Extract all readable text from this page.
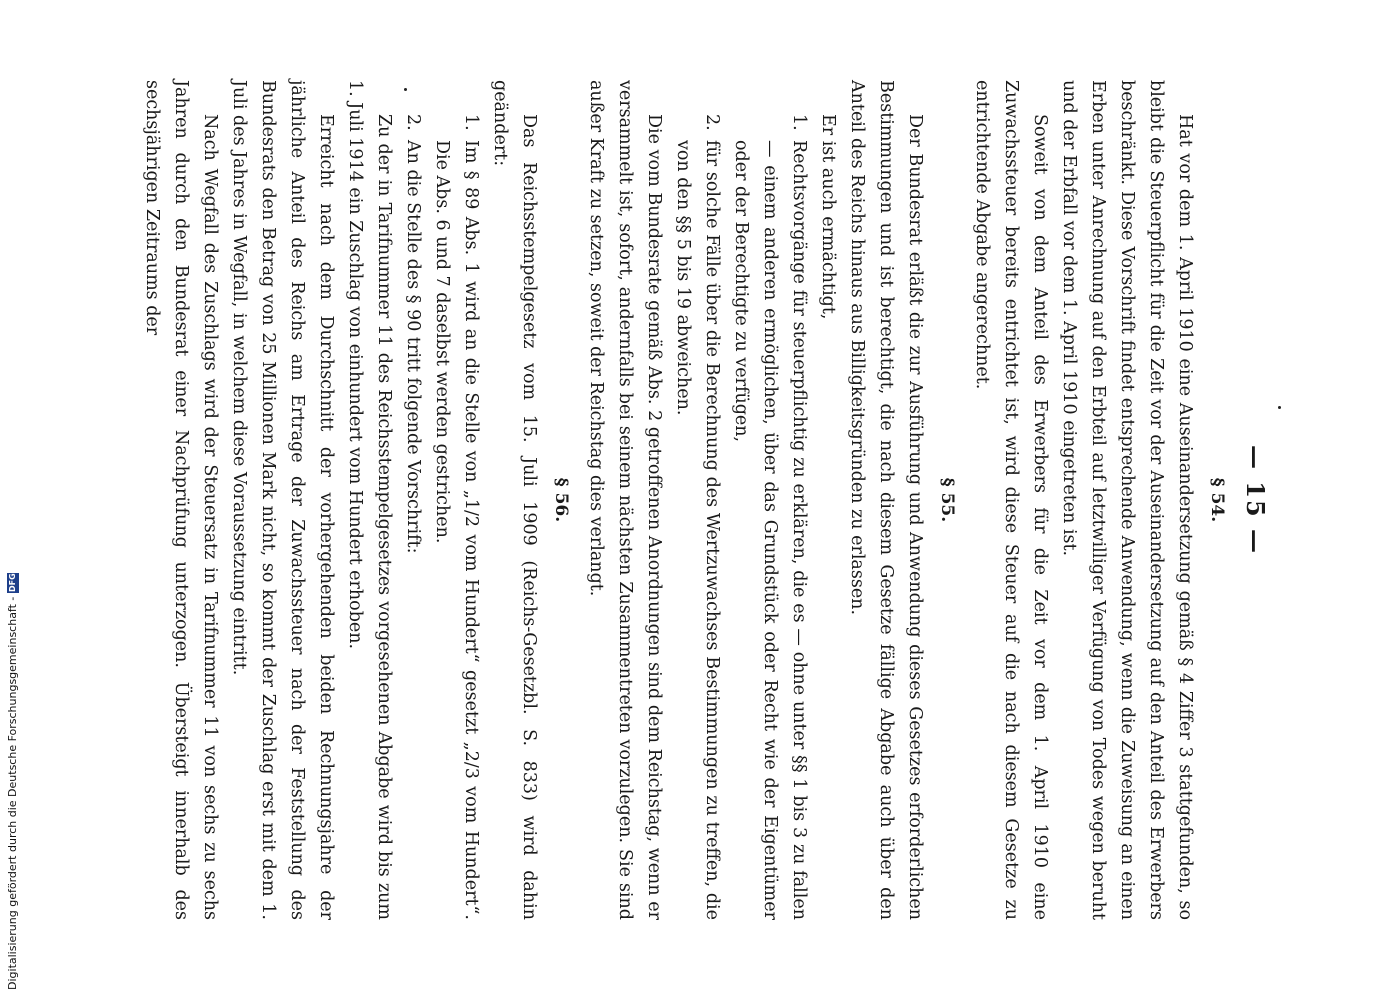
— 15 —
§ 54.

Hat vor dem 1. April 1910 eine Auseinandersetzung gemäß § 4 Ziffer 3 stattgefunden, so bleibt die Steuerpflicht für die Zeit vor der Auseinandersetzung auf den Anteil des Erwerbers beschränkt. Diese Vorschrift findet entsprechende Anwendung, wenn die Zuweisung an einen Erben unter Anrechnung auf den Erbteil auf letztwilliger Verfügung von Todes wegen beruht und der Erbfall vor dem 1. April 1910 eingetreten ist.

Soweit von dem Anteil des Erwerbers für die Zeit vor dem 1. April 1910 eine Zuwachssteuer bereits entrichtet ist, wird diese Steuer auf die nach diesem Gesetze zu entrichtende Abgabe angerechnet.

§ 55.

Der Bundesrat erläßt die zur Ausführung und Anwendung dieses Gesetzes erforderlichen Bestimmungen und ist berechtigt, die nach diesem Gesetze fällige Abgabe auch über den Anteil des Reichs hinaus aus Billigkeitsgründen zu erlassen.

Er ist auch ermächtigt,

1.
Rechtsvorgänge für steuerpflichtig zu erklären, die es — ohne unter §§ 1 bis 3 zu fallen — einem anderen ermöglichen, über das Grundstück oder Recht wie der Eigentümer oder der Berechtigte zu verfügen,

2.
für solche Fälle über die Berechnung des Wertzuwachses Bestimmungen zu treffen, die von den §§ 5 bis 19 abweichen.

Die vom Bundesrate gemäß Abs. 2 getroffenen Anordnungen sind dem Reichstag, wenn er versammelt ist, sofort, andernfalls bei seinem nächsten Zusammentreten vorzulegen. Sie sind außer Kraft zu setzen, soweit der Reichstag dies verlangt.

§ 56.

Das Reichsstempelgesetz vom 15. Juli 1909 (Reichs-Gesetzbl. S. 833) wird dahin geändert:

1.
Im § 89 Abs. 1 wird an die Stelle von „1/2 vom Hundert“ gesetzt „2/3 vom Hundert“. Die Abs. 6 und 7 daselbst werden gestrichen.

2.
An die Stelle des § 90 tritt folgende Vorschrift:

Zu der in Tarifnummer 11 des Reichsstempelgesetzes vorgesehenen Abgabe wird bis zum 1. Juli 1914 ein Zuschlag von einhundert vom Hundert erhoben.

Erreicht nach dem Durchschnitt der vorhergehenden beiden Rechnungsjahre der jährliche Anteil des Reichs am Ertrage der Zuwachssteuer nach der Feststellung des Bundesrats den Betrag von 25 Millionen Mark nicht, so kommt der Zuschlag erst mit dem 1. Juli des Jahres in Wegfall, in welchem diese Voraussetzung eintritt.

Nach Wegfall des Zuschlags wird der Steuersatz in Tarifnummer 11 von sechs zu sechs Jahren durch den Bundesrat einer Nachprüfung unterzogen. Übersteigt innerhalb des sechsjährigen Zeitraums der

Digitalisierung gefördert durch die Deutsche Forschungsgemeinschaft -
DFG
